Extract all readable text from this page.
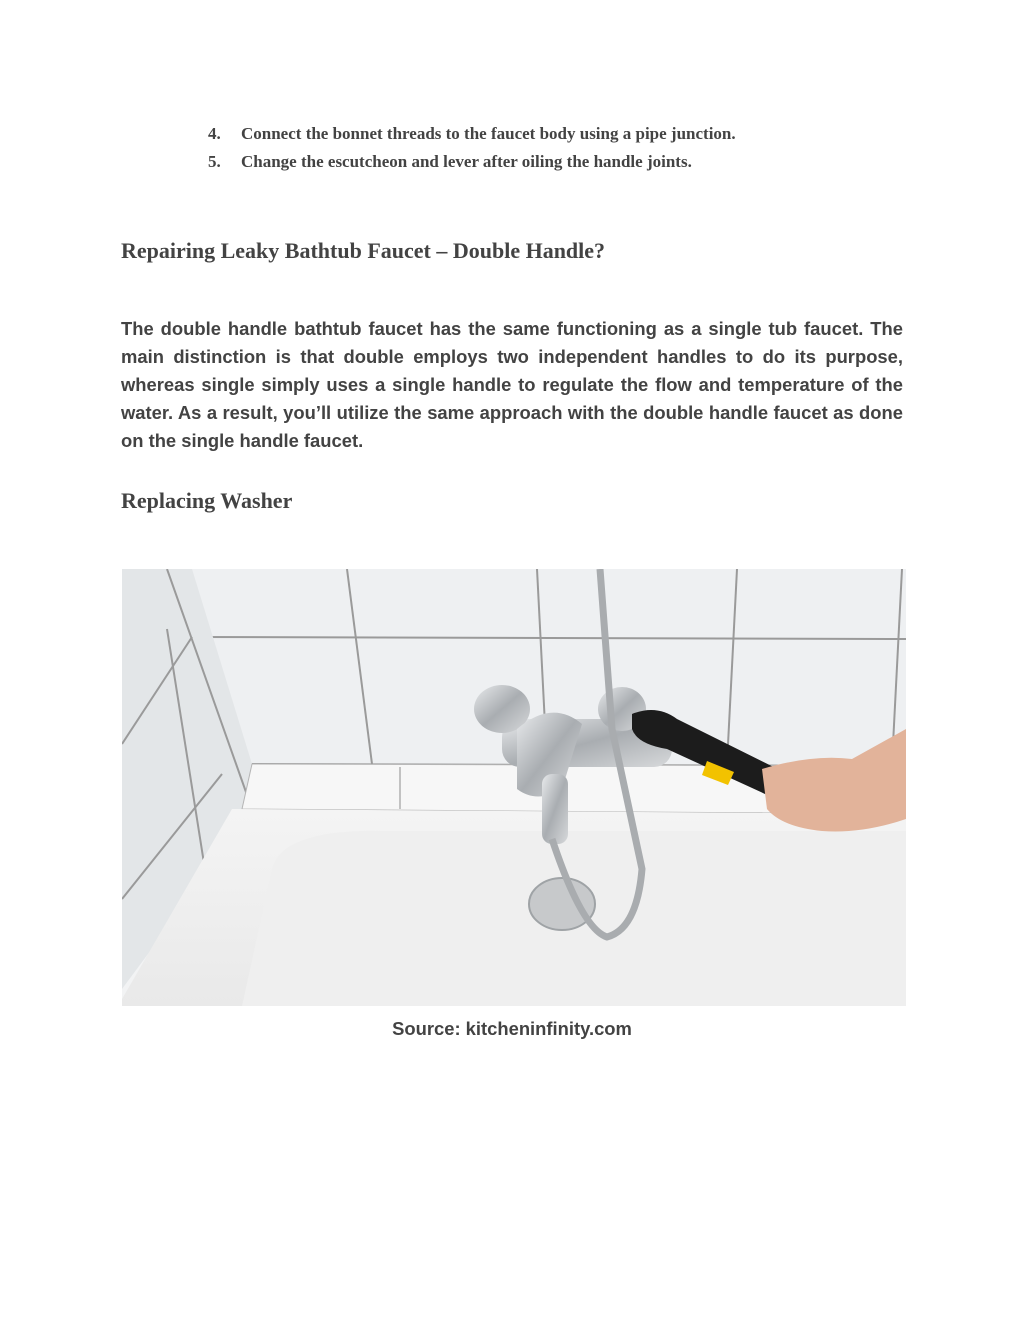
4. Connect the bonnet threads to the faucet body using a pipe junction.
5. Change the escutcheon and lever after oiling the handle joints.
Repairing Leaky Bathtub Faucet – Double Handle?

The double handle bathtub faucet has the same functioning as a single tub faucet. The main distinction is that double employs two independent handles to do its purpose, whereas single simply uses a single handle to regulate the flow and temperature of the water. As a result, you’ll utilize the same approach with the double handle faucet as done on the single handle faucet.

Replacing Washer
Source: kitcheninfinity.com
